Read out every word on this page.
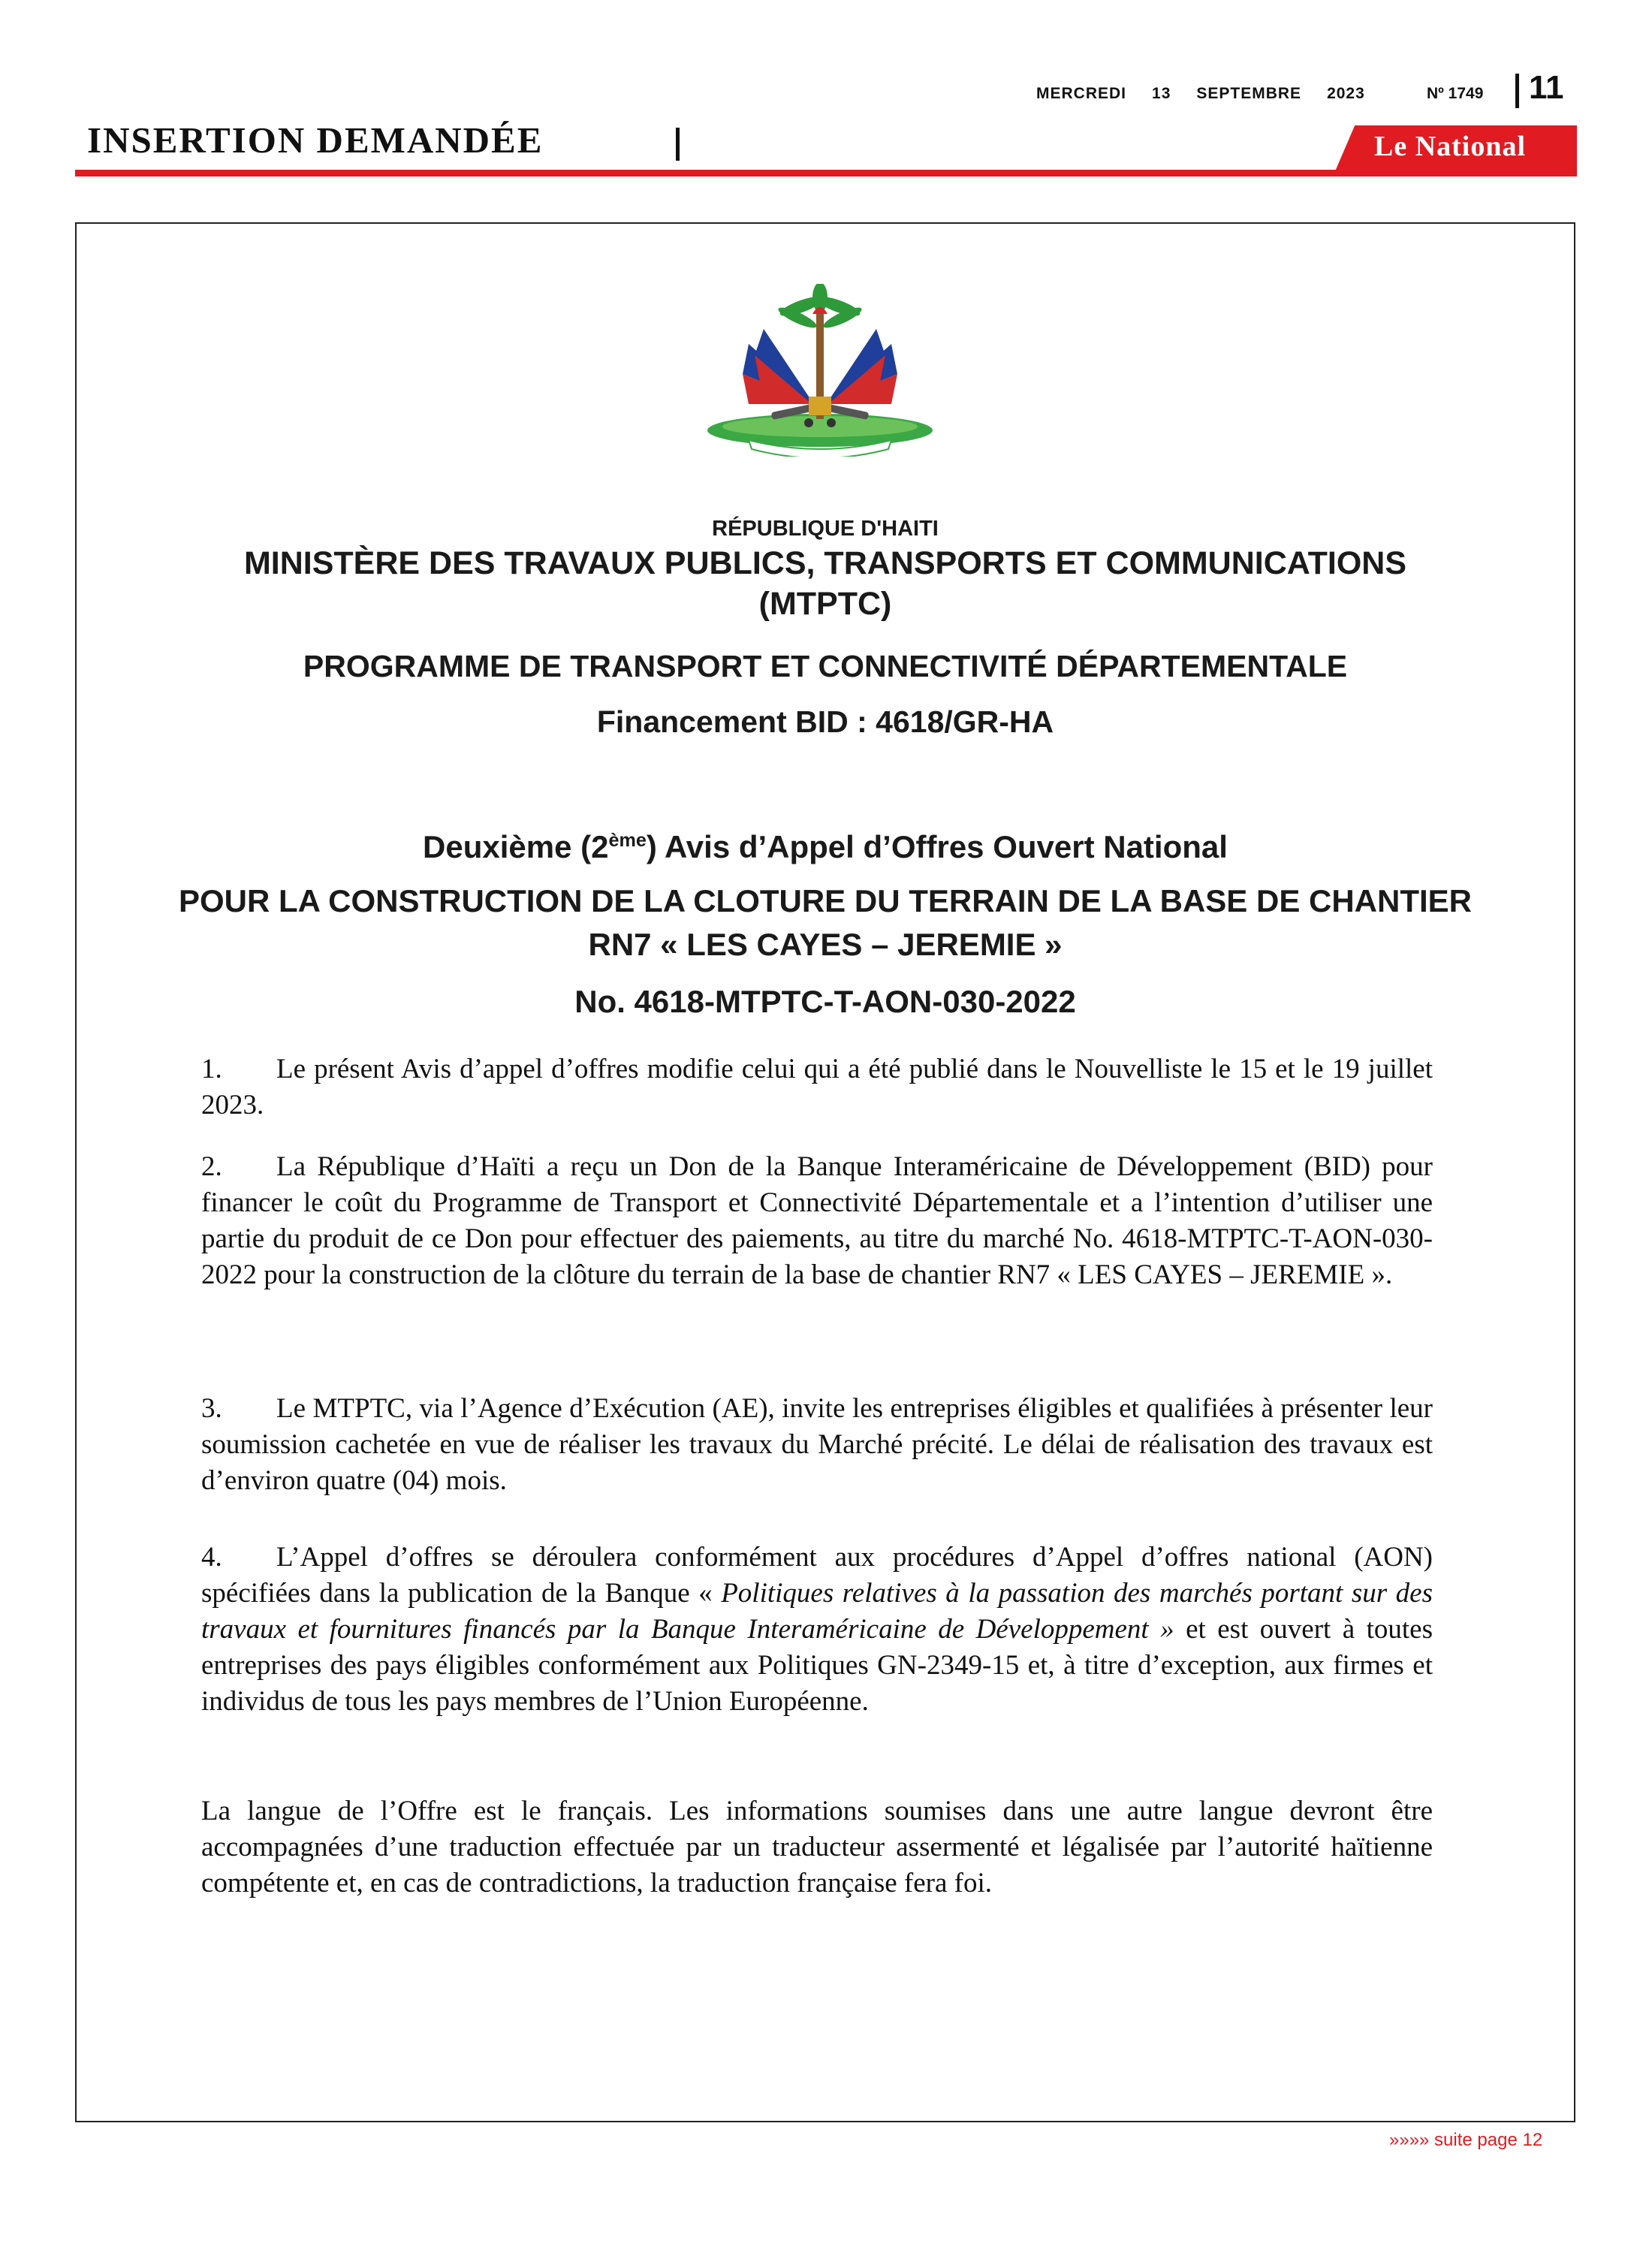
MERCREDI 13 SEPTEMBRE 2023	Nº 1749 11
INSERTION DEMANDÉE	Le National
RÉPUBLIQUE D'HAITI
MINISTÈRE DES TRAVAUX PUBLICS, TRANSPORTS ET COMMUNICATIONS
(MTPTC)
PROGRAMME DE TRANSPORT ET CONNECTIVITÉ DÉPARTEMENTALE
Financement BID : 4618/GR-HA
Deuxième (2ème) Avis d’Appel d’Offres Ouvert National
POUR LA CONSTRUCTION DE LA CLOTURE DU TERRAIN DE LA BASE DE CHANTIER
RN7 « LES CAYES – JEREMIE »
No. 4618-MTPTC-T-AON-030-2022
1. Le présent Avis d’appel d’offres modifie celui qui a été publié dans le Nouvelliste le 15 et le 19 juillet 2023.
2. La République d’Haïti a reçu un Don de la Banque Interaméricaine de Développement (BID) pour financer le coût du Programme de Transport et Connectivité Départementale et a l’intention d’utiliser une partie du produit de ce Don pour effectuer des paiements, au titre du marché No. 4618-MTPTC-T-AON-030-2022 pour la construction de la clôture du terrain de la base de chantier RN7 « LES CAYES – JEREMIE ».
3. Le MTPTC, via l’Agence d’Exécution (AE), invite les entreprises éligibles et qualifiées à présenter leur soumission cachetée en vue de réaliser les travaux du Marché précité. Le délai de réalisation des travaux est d’environ quatre (04) mois.
4. L’Appel d’offres se déroulera conformément aux procédures d’Appel d’offres national (AON) spécifiées dans la publication de la Banque « Politiques relatives à la passation des marchés portant sur des travaux et fournitures financés par la Banque Interaméricaine de Développement » et est ouvert à toutes entreprises des pays éligibles conformément aux Politiques GN-2349-15 et, à titre d’exception, aux firmes et individus de tous les pays membres de l’Union Européenne.
La langue de l’Offre est le français. Les informations soumises dans une autre langue devront être accompagnées d’une traduction effectuée par un traducteur assermenté et légalisée par l’autorité haïtienne compétente et, en cas de contradictions, la traduction française fera foi.
»»»» suite page 12
